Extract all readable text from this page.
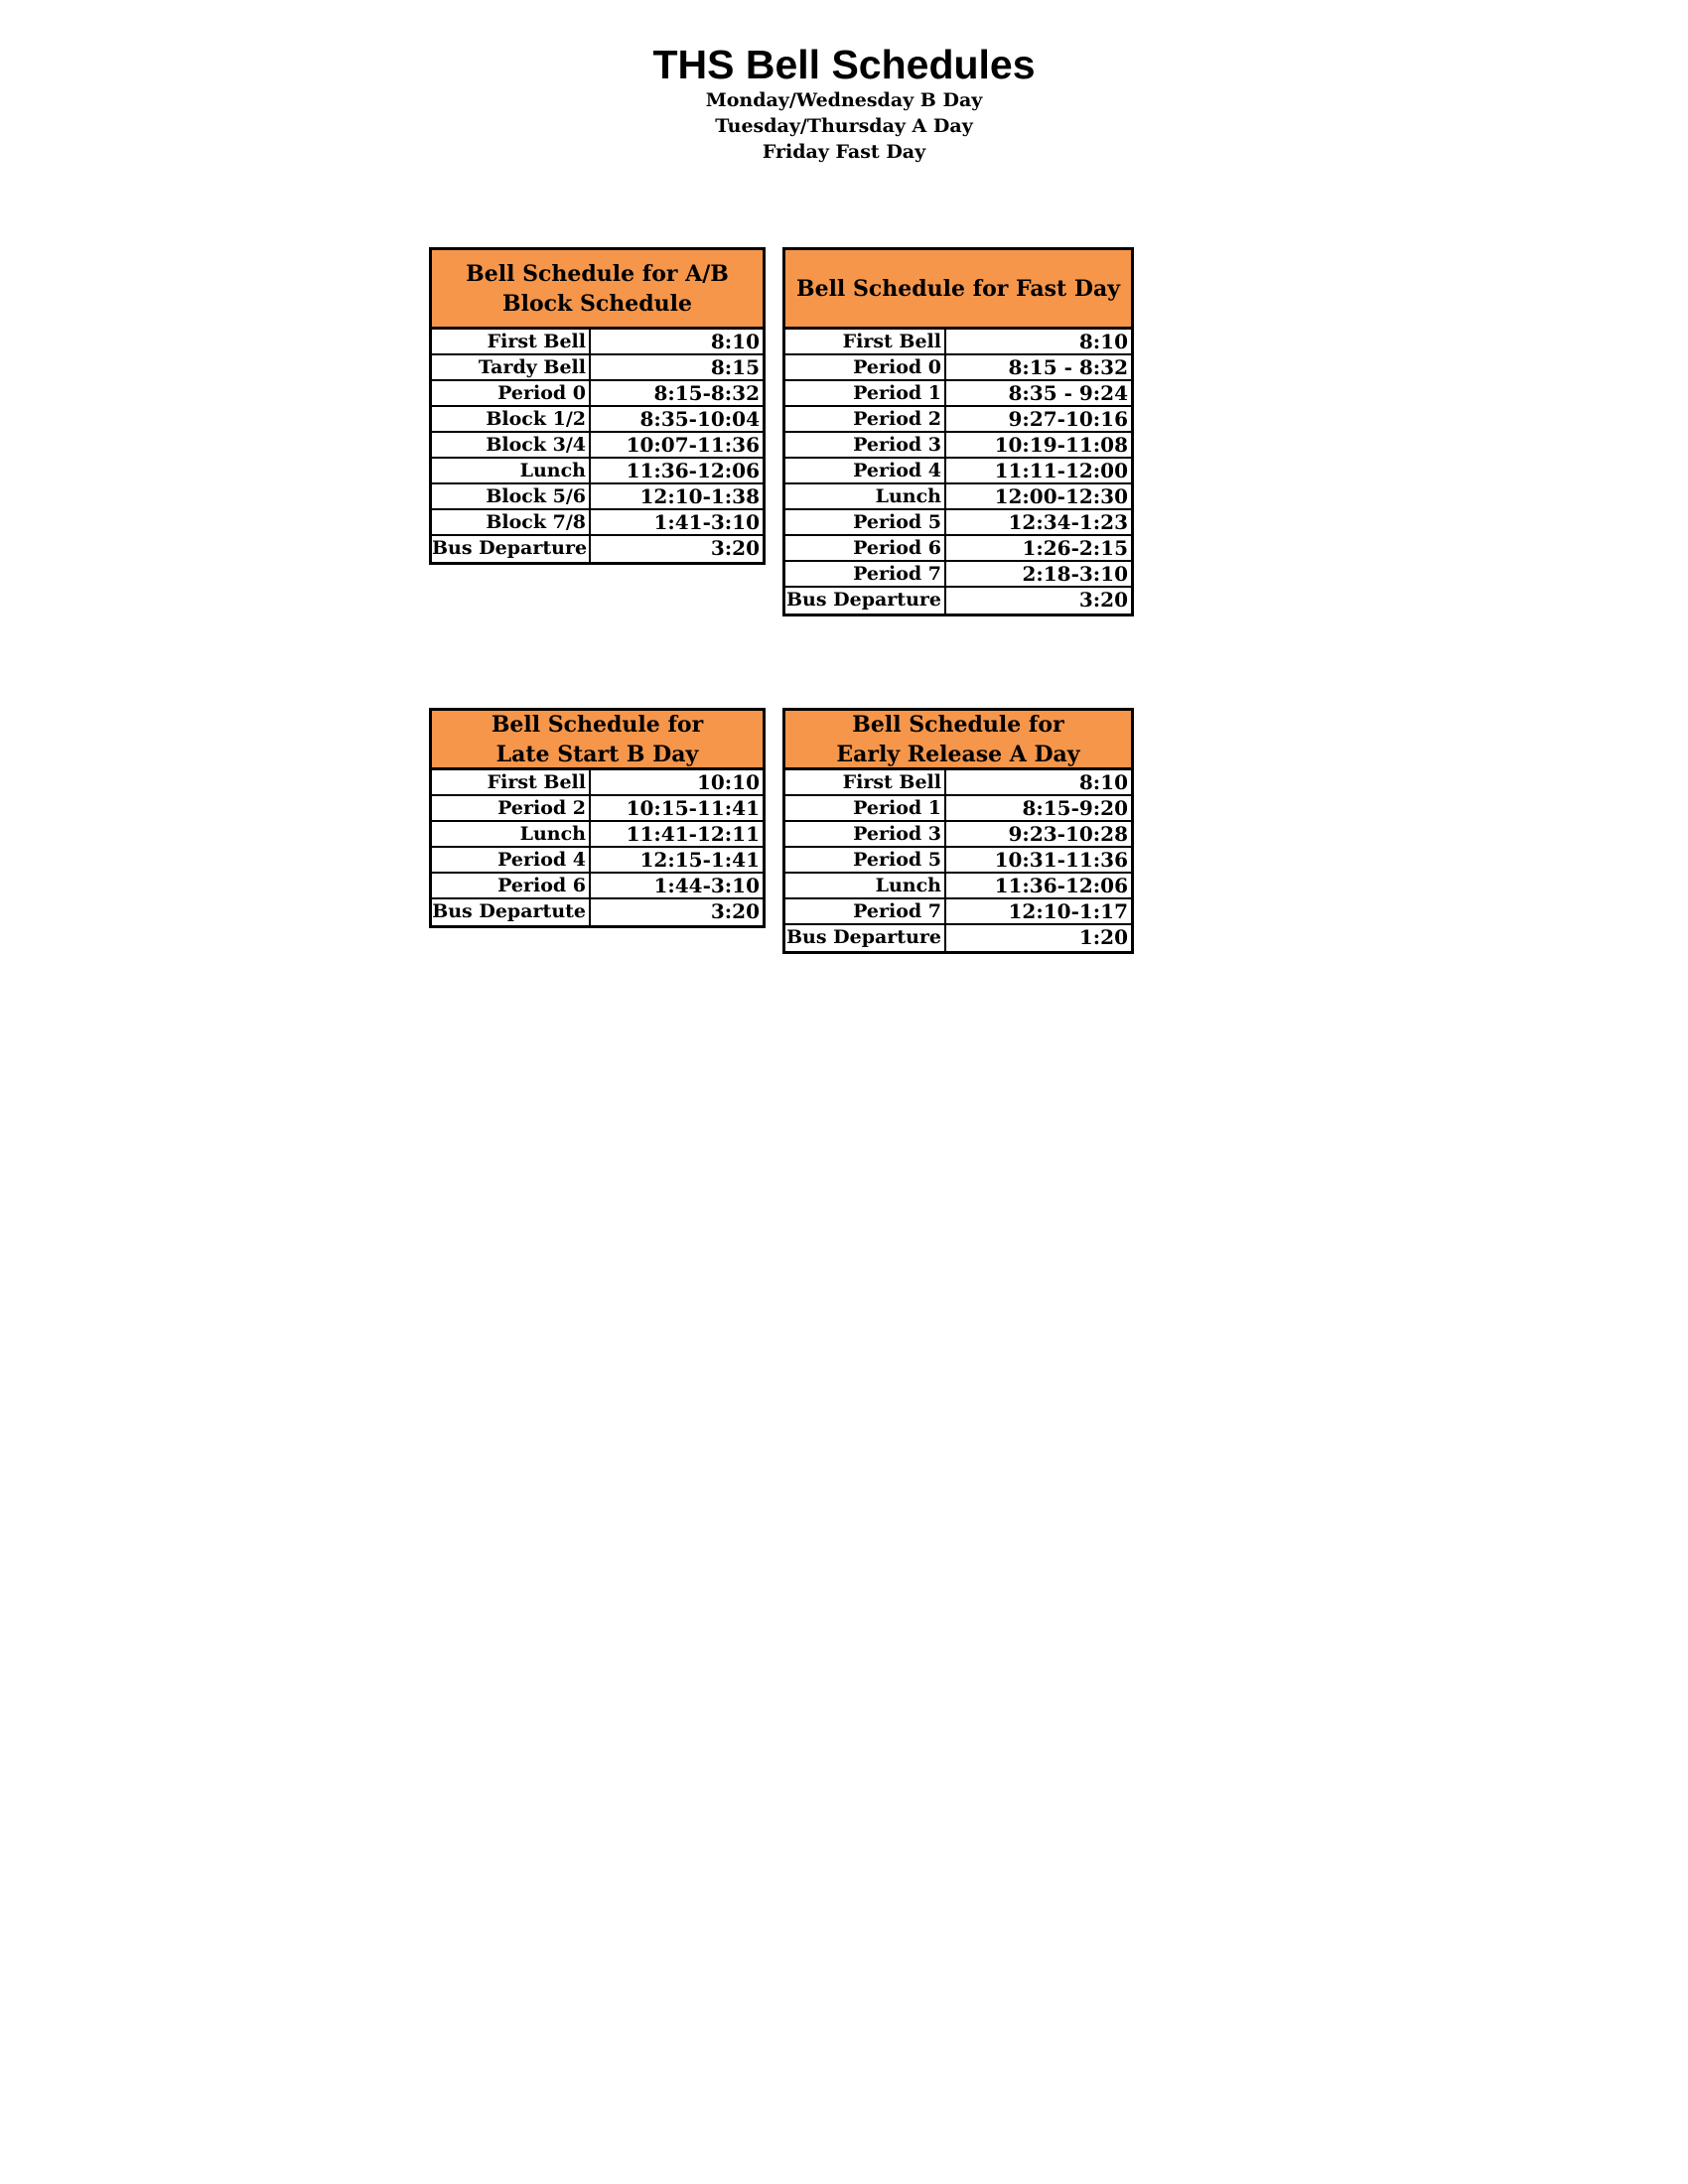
THS Bell Schedules
Monday/Wednesday B Day
Tuesday/Thursday A Day
Friday Fast Day
Bell Schedule for A/B
Block Schedule
First Bell	8:10
Tardy Bell	8:15
Period 0	8:15-8:32
Block 1/2	8:35-10:04
Block 3/4	10:07-11:36
Lunch	11:36-12:06
Block 5/6	12:10-1:38
Block 7/8	1:41-3:10
Bus Departure	3:20
Bell Schedule for Fast Day
First Bell	8:10
Period 0	8:15 - 8:32
Period 1	8:35 - 9:24
Period 2	9:27-10:16
Period 3	10:19-11:08
Period 4	11:11-12:00
Lunch	12:00-12:30
Period 5	12:34-1:23
Period 6	1:26-2:15
Period 7	2:18-3:10
Bus Departure	3:20
Bell Schedule for
Late Start B Day
First Bell	10:10
Period 2	10:15-11:41
Lunch	11:41-12:11
Period 4	12:15-1:41
Period 6	1:44-3:10
Bus Departute	3:20
Bell Schedule for
Early Release A Day
First Bell	8:10
Period 1	8:15-9:20
Period 3	9:23-10:28
Period 5	10:31-11:36
Lunch	11:36-12:06
Period 7	12:10-1:17
Bus Departure	1:20
